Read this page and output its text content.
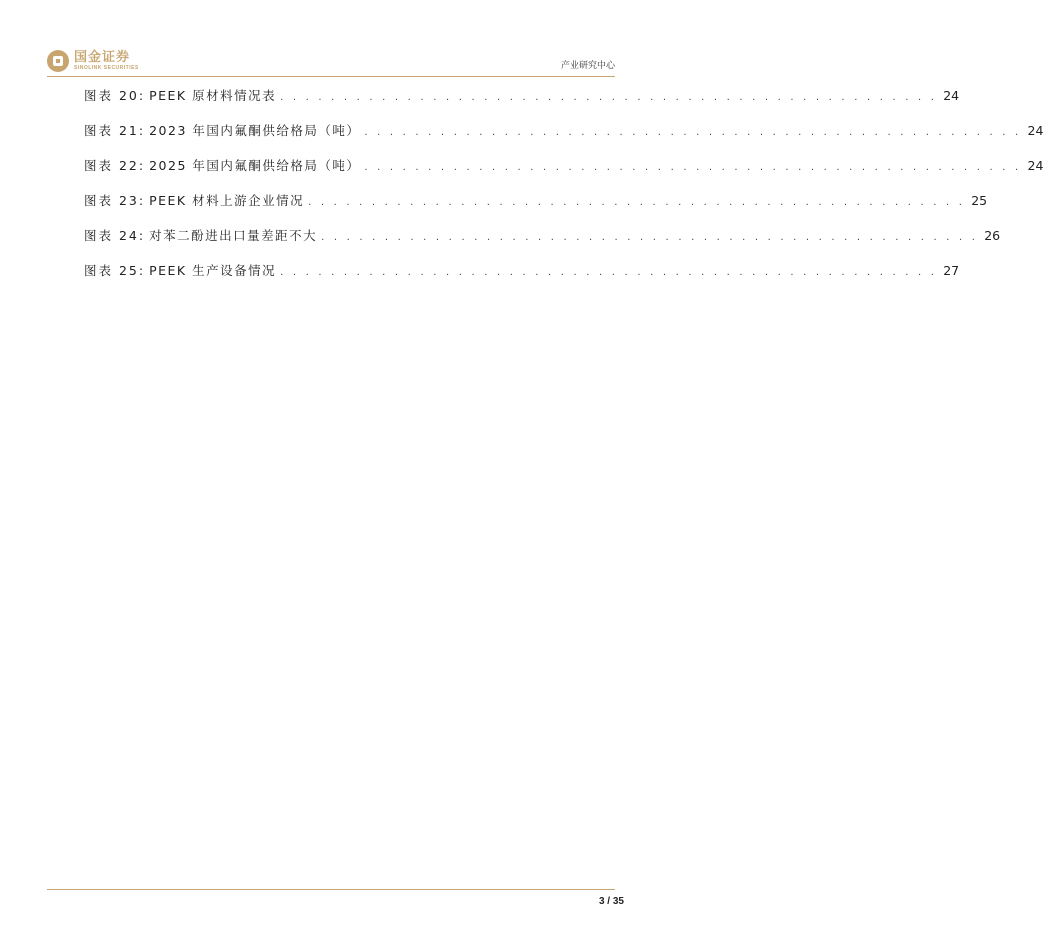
国金证券
SINOLINK SECURITIES	产业研究中心
图表 20: PEEK 原材料情况表 . . . . . . . . . . . . . . . . . . . . . . . . . . . . . . . . . . . . . . . . . . . . . . . . . . . . 24
图表 21: 2023 年国内氟酮供给格局（吨） . . . . . . . . . . . . . . . . . . . . . . . . . . . . . . . . . . . . . . . . . . . . . . . . . . . . 24
图表 22: 2025 年国内氟酮供给格局（吨） . . . . . . . . . . . . . . . . . . . . . . . . . . . . . . . . . . . . . . . . . . . . . . . . . . . . 24
图表 23: PEEK 材料上游企业情况 . . . . . . . . . . . . . . . . . . . . . . . . . . . . . . . . . . . . . . . . . . . . . . . . . . . . 25
图表 24: 对苯二酚进出口量差距不大 . . . . . . . . . . . . . . . . . . . . . . . . . . . . . . . . . . . . . . . . . . . . . . . . . . . . 26
图表 25: PEEK 生产设备情况 . . . . . . . . . . . . . . . . . . . . . . . . . . . . . . . . . . . . . . . . . . . . . . . . . . . . 27
3 / 35
